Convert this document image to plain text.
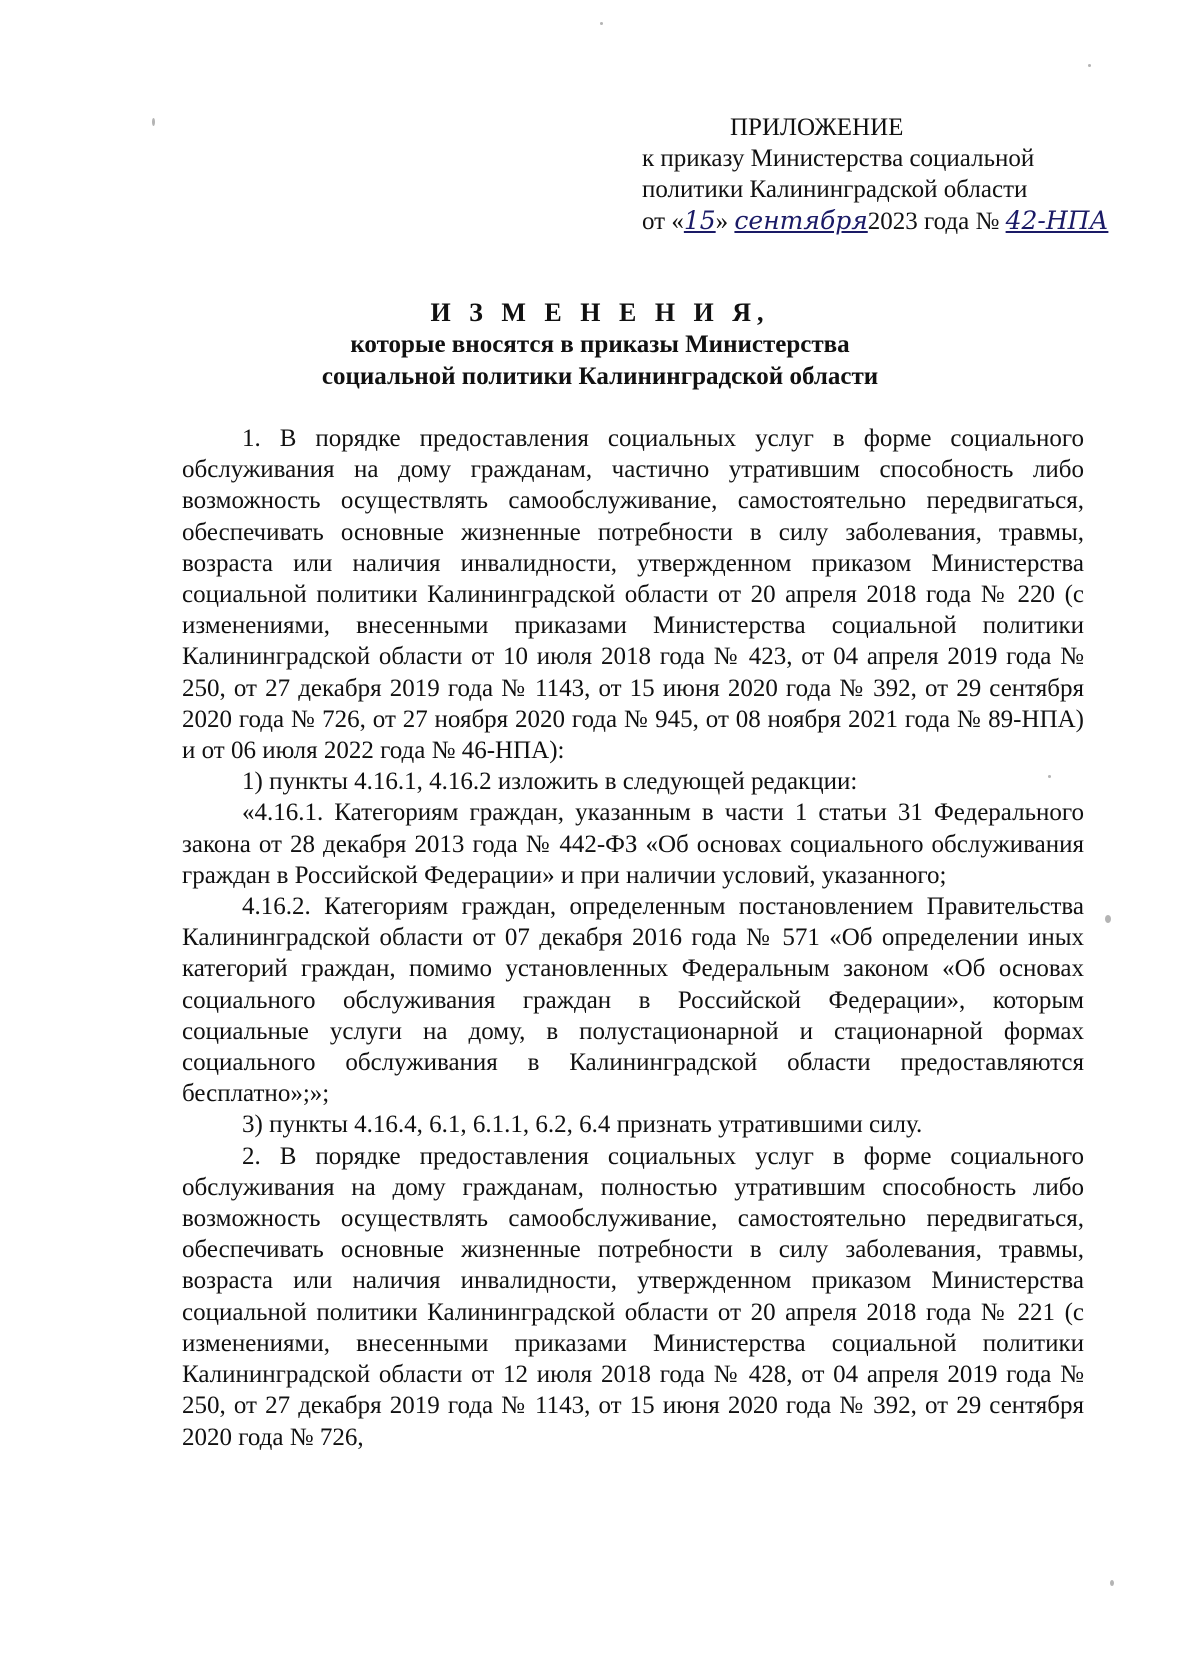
ПРИЛОЖЕНИЕ
к приказу Министерства социальной
политики Калининградской области
от «15» сентября2023 года № 42-НПА
И З М Е Н Е Н И Я,
которые вносятся в приказы Министерства
социальной политики Калининградской области

1. В порядке предоставления социальных услуг в форме социального обслуживания на дому гражданам, частично утратившим способность либо возможность осуществлять самообслуживание, самостоятельно передвигаться, обеспечивать основные жизненные потребности в силу заболевания, травмы, возраста или наличия инвалидности, утвержденном приказом Министерства социальной политики Калининградской области от 20 апреля 2018 года № 220 (с изменениями, внесенными приказами Министерства социальной политики Калининградской области от 10 июля 2018 года № 423, от 04 апреля 2019 года № 250, от 27 декабря 2019 года № 1143, от 15 июня 2020 года № 392, от 29 сентября 2020 года № 726, от 27 ноября 2020 года № 945, от 08 ноября 2021 года № 89-НПА) и от 06 июля 2022 года № 46-НПА):

1) пункты 4.16.1, 4.16.2 изложить в следующей редакции:

«4.16.1. Категориям граждан, указанным в части 1 статьи 31 Федерального закона от 28 декабря 2013 года № 442-ФЗ «Об основах социального обслуживания граждан в Российской Федерации» и при наличии условий, указанного;

4.16.2. Категориям граждан, определенным постановлением Правительства Калининградской области от 07 декабря 2016 года № 571 «Об определении иных категорий граждан, помимо установленных Федеральным законом «Об основах социального обслуживания граждан в Российской Федерации», которым социальные услуги на дому, в полустационарной и стационарной формах социального обслуживания в Калининградской области предоставляются бесплатно»;»;

3) пункты 4.16.4, 6.1, 6.1.1, 6.2, 6.4 признать утратившими силу.

2. В порядке предоставления социальных услуг в форме социального обслуживания на дому гражданам, полностью утратившим способность либо возможность осуществлять самообслуживание, самостоятельно передвигаться, обеспечивать основные жизненные потребности в силу заболевания, травмы, возраста или наличия инвалидности, утвержденном приказом Министерства социальной политики Калининградской области от 20 апреля 2018 года № 221 (с изменениями, внесенными приказами Министерства социальной политики Калининградской области от 12 июля 2018 года № 428, от 04 апреля 2019 года № 250, от 27 декабря 2019 года № 1143, от 15 июня 2020 года № 392, от 29 сентября 2020 года № 726,
